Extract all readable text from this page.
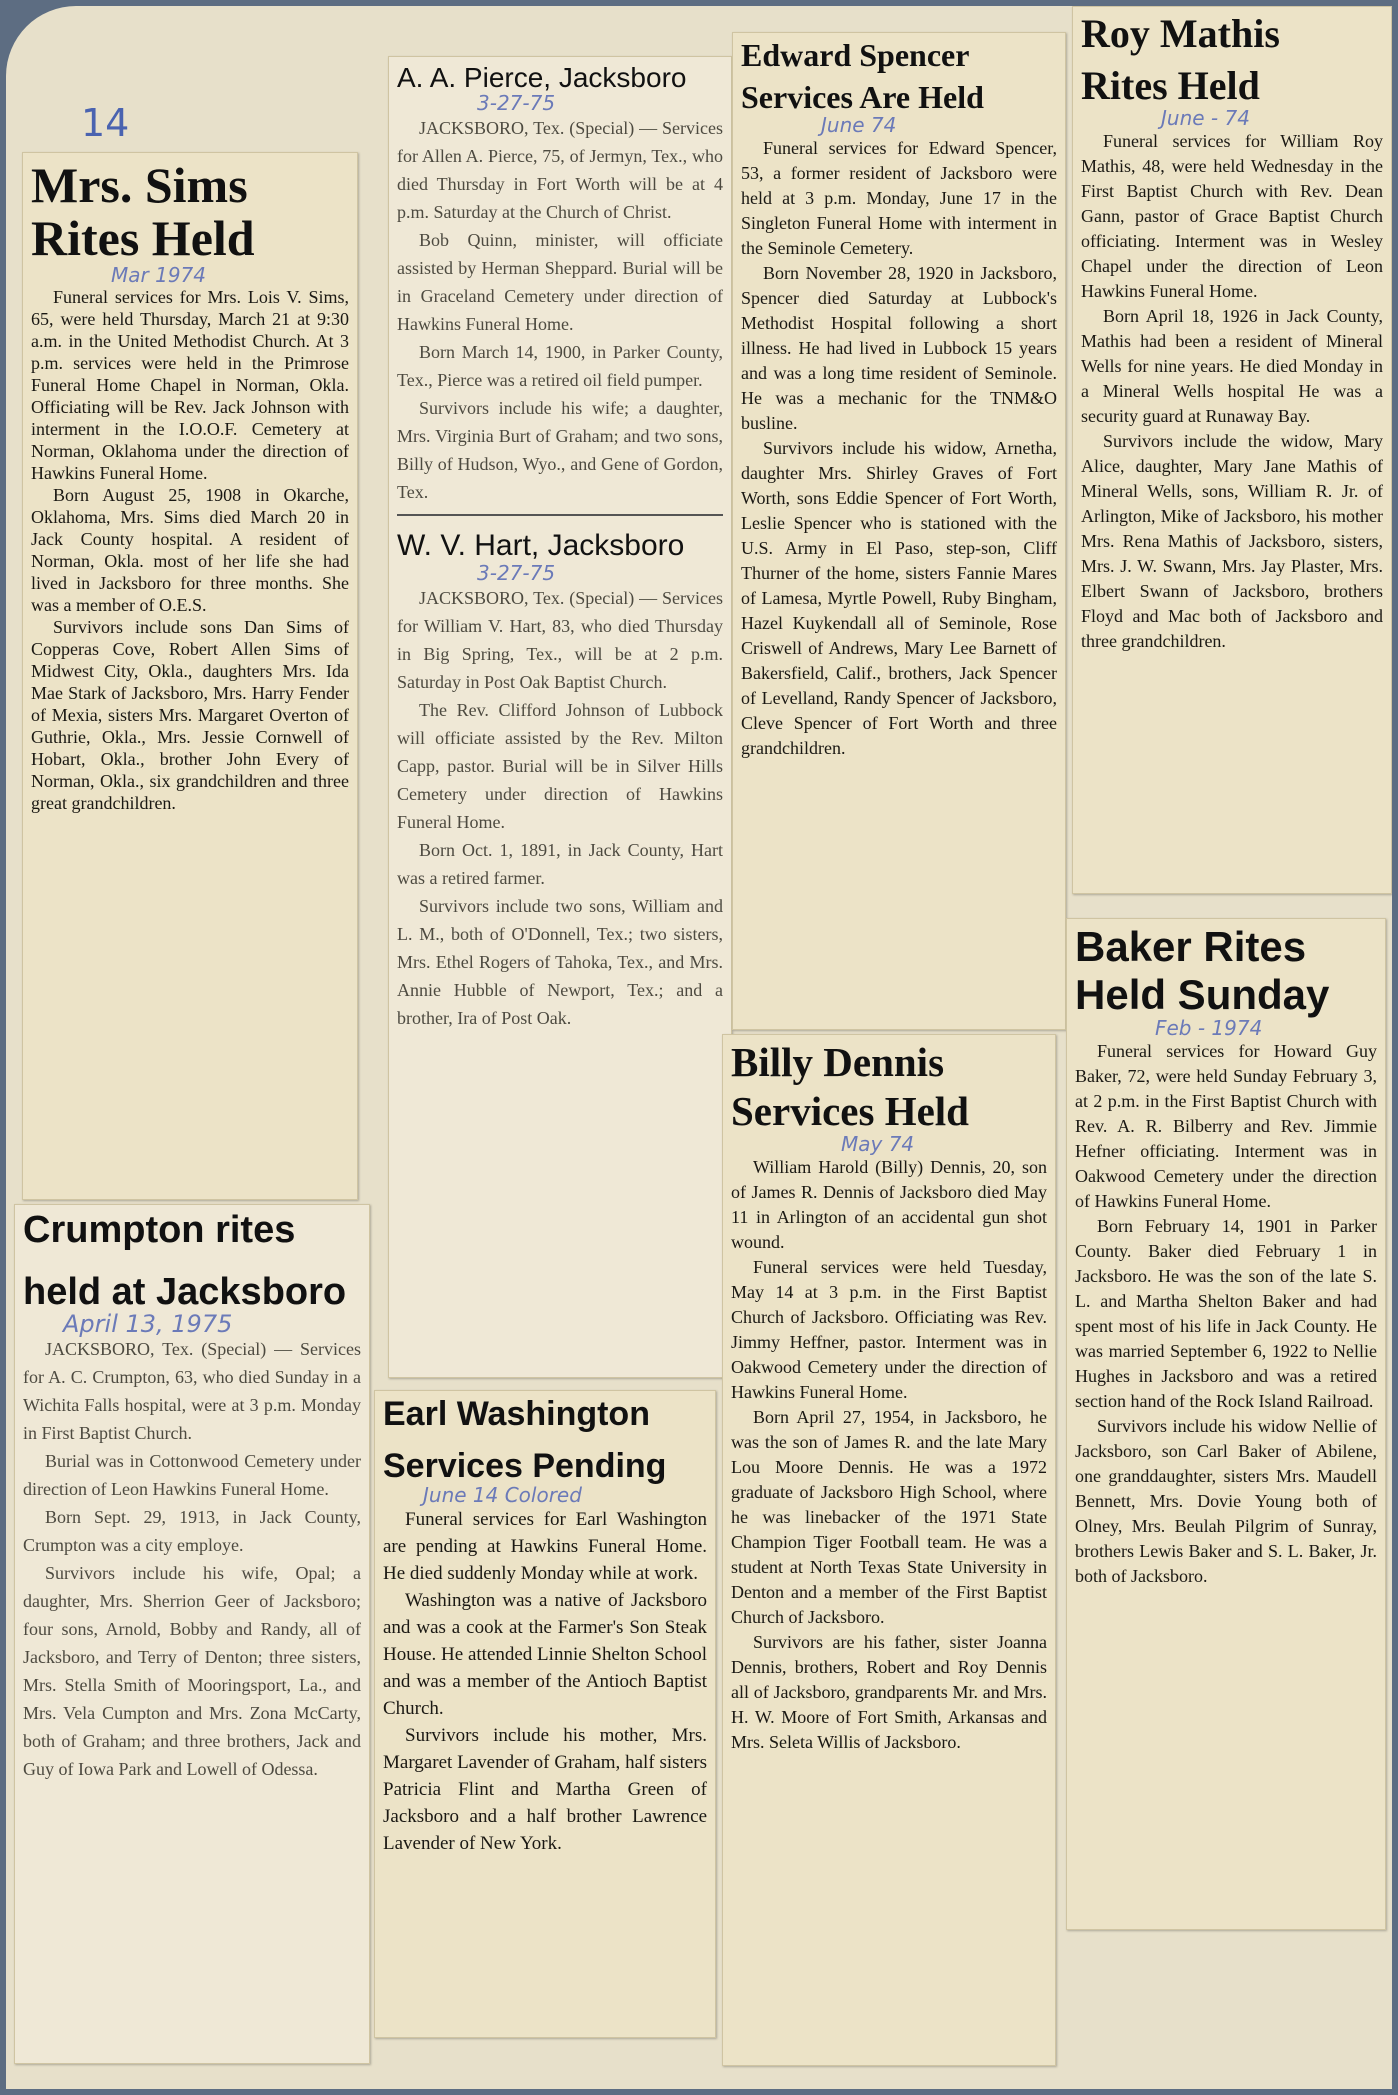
14
Mrs. Sims
Rites Held
Mar 1974

Funeral services for Mrs. Lois V. Sims, 65, were held Thursday, March 21 at 9:30 a.m. in the United Methodist Church. At 3 p.m. services were held in the Primrose Funeral Home Chapel in Norman, Okla. Officiating will be Rev. Jack Johnson with interment in the I.O.O.F. Cemetery at Norman, Oklahoma under the direction of Hawkins Funeral Home.

Born August 25, 1908 in Okarche, Oklahoma, Mrs. Sims died March 20 in Jack County hospital. A resident of Norman, Okla. most of her life she had lived in Jacksboro for three months. She was a member of O.E.S.

Survivors include sons Dan Sims of Copperas Cove, Robert Allen Sims of Midwest City, Okla., daughters Mrs. Ida Mae Stark of Jacksboro, Mrs. Harry Fender of Mexia, sisters Mrs. Margaret Overton of Guthrie, Okla., Mrs. Jessie Cornwell of Hobart, Okla., brother John Every of Norman, Okla., six grandchildren and three great grandchildren.

Crumpton rites
held at Jacksboro
April 13, 1975

JACKSBORO, Tex. (Special) — Services for A. C. Crumpton, 63, who died Sunday in a Wichita Falls hospital, were at 3 p.m. Monday in First Baptist Church.

Burial was in Cottonwood Cemetery under direction of Leon Hawkins Funeral Home.

Born Sept. 29, 1913, in Jack County, Crumpton was a city employe.

Survivors include his wife, Opal; a daughter, Mrs. Sherrion Geer of Jacksboro; four sons, Arnold, Bobby and Randy, all of Jacksboro, and Terry of Denton; three sisters, Mrs. Stella Smith of Mooringsport, La., and Mrs. Vela Cumpton and Mrs. Zona McCarty, both of Graham; and three brothers, Jack and Guy of Iowa Park and Lowell of Odessa.

A. A. Pierce, Jacksboro
3-27-75

JACKSBORO, Tex. (Special) — Services for Allen A. Pierce, 75, of Jermyn, Tex., who died Thursday in Fort Worth will be at 4 p.m. Saturday at the Church of Christ.

Bob Quinn, minister, will officiate assisted by Herman Sheppard. Burial will be in Graceland Cemetery under direction of Hawkins Funeral Home.

Born March 14, 1900, in Parker County, Tex., Pierce was a retired oil field pumper.

Survivors include his wife; a daughter, Mrs. Virginia Burt of Graham; and two sons, Billy of Hudson, Wyo., and Gene of Gordon, Tex.

W. V. Hart, Jacksboro
3-27-75

JACKSBORO, Tex. (Special) — Services for William V. Hart, 83, who died Thursday in Big Spring, Tex., will be at 2 p.m. Saturday in Post Oak Baptist Church.

The Rev. Clifford Johnson of Lubbock will officiate assisted by the Rev. Milton Capp, pastor. Burial will be in Silver Hills Cemetery under direction of Hawkins Funeral Home.

Born Oct. 1, 1891, in Jack County, Hart was a retired farmer.

Survivors include two sons, William and L. M., both of O'Donnell, Tex.; two sisters, Mrs. Ethel Rogers of Tahoka, Tex., and Mrs. Annie Hubble of Newport, Tex.; and a brother, Ira of Post Oak.

Earl Washington
Services Pending
June 14 Colored

Funeral services for Earl Washington are pending at Hawkins Funeral Home. He died suddenly Monday while at work.

Washington was a native of Jacksboro and was a cook at the Farmer's Son Steak House. He attended Linnie Shelton School and was a member of the Antioch Baptist Church.

Survivors include his mother, Mrs. Margaret Lavender of Graham, half sisters Patricia Flint and Martha Green of Jacksboro and a half brother Lawrence Lavender of New York.

Edward Spencer
Services Are Held
June 74

Funeral services for Edward Spencer, 53, a former resident of Jacksboro were held at 3 p.m. Monday, June 17 in the Singleton Funeral Home with interment in the Seminole Cemetery.

Born November 28, 1920 in Jacksboro, Spencer died Saturday at Lubbock's Methodist Hospital following a short illness. He had lived in Lubbock 15 years and was a long time resident of Seminole. He was a mechanic for the TNM&O busline.

Survivors include his widow, Arnetha, daughter Mrs. Shirley Graves of Fort Worth, sons Eddie Spencer of Fort Worth, Leslie Spencer who is stationed with the U.S. Army in El Paso, step-son, Cliff Thurner of the home, sisters Fannie Mares of Lamesa, Myrtle Powell, Ruby Bingham, Hazel Kuykendall all of Seminole, Rose Criswell of Andrews, Mary Lee Barnett of Bakersfield, Calif., brothers, Jack Spencer of Levelland, Randy Spencer of Jacksboro, Cleve Spencer of Fort Worth and three grandchildren.

Billy Dennis
Services Held
May 74

William Harold (Billy) Dennis, 20, son of James R. Dennis of Jacksboro died May 11 in Arlington of an accidental gun shot wound.

Funeral services were held Tuesday, May 14 at 3 p.m. in the First Baptist Church of Jacksboro. Officiating was Rev. Jimmy Heffner, pastor. Interment was in Oakwood Cemetery under the direction of Hawkins Funeral Home.

Born April 27, 1954, in Jacksboro, he was the son of James R. and the late Mary Lou Moore Dennis. He was a 1972 graduate of Jacksboro High School, where he was linebacker of the 1971 State Champion Tiger Football team. He was a student at North Texas State University in Denton and a member of the First Baptist Church of Jacksboro.

Survivors are his father, sister Joanna Dennis, brothers, Robert and Roy Dennis all of Jacksboro, grandparents Mr. and Mrs. H. W. Moore of Fort Smith, Arkansas and Mrs. Seleta Willis of Jacksboro.

Roy Mathis
Rites Held
June - 74

Funeral services for William Roy Mathis, 48, were held Wednesday in the First Baptist Church with Rev. Dean Gann, pastor of Grace Baptist Church officiating. Interment was in Wesley Chapel under the direction of Leon Hawkins Funeral Home.

Born April 18, 1926 in Jack County, Mathis had been a resident of Mineral Wells for nine years. He died Monday in a Mineral Wells hospital He was a security guard at Runaway Bay.

Survivors include the widow, Mary Alice, daughter, Mary Jane Mathis of Mineral Wells, sons, William R. Jr. of Arlington, Mike of Jacksboro, his mother Mrs. Rena Mathis of Jacksboro, sisters, Mrs. J. W. Swann, Mrs. Jay Plaster, Mrs. Elbert Swann of Jacksboro, brothers Floyd and Mac both of Jacksboro and three grandchildren.

Baker Rites
Held Sunday
Feb - 1974

Funeral services for Howard Guy Baker, 72, were held Sunday February 3, at 2 p.m. in the First Baptist Church with Rev. A. R. Bilberry and Rev. Jimmie Hefner officiating. Interment was in Oakwood Cemetery under the direction of Hawkins Funeral Home.

Born February 14, 1901 in Parker County. Baker died February 1 in Jacksboro. He was the son of the late S. L. and Martha Shelton Baker and had spent most of his life in Jack County. He was married September 6, 1922 to Nellie Hughes in Jacksboro and was a retired section hand of the Rock Island Railroad.

Survivors include his widow Nellie of Jacksboro, son Carl Baker of Abilene, one granddaughter, sisters Mrs. Maudell Bennett, Mrs. Dovie Young both of Olney, Mrs. Beulah Pilgrim of Sunray, brothers Lewis Baker and S. L. Baker, Jr. both of Jacksboro.
